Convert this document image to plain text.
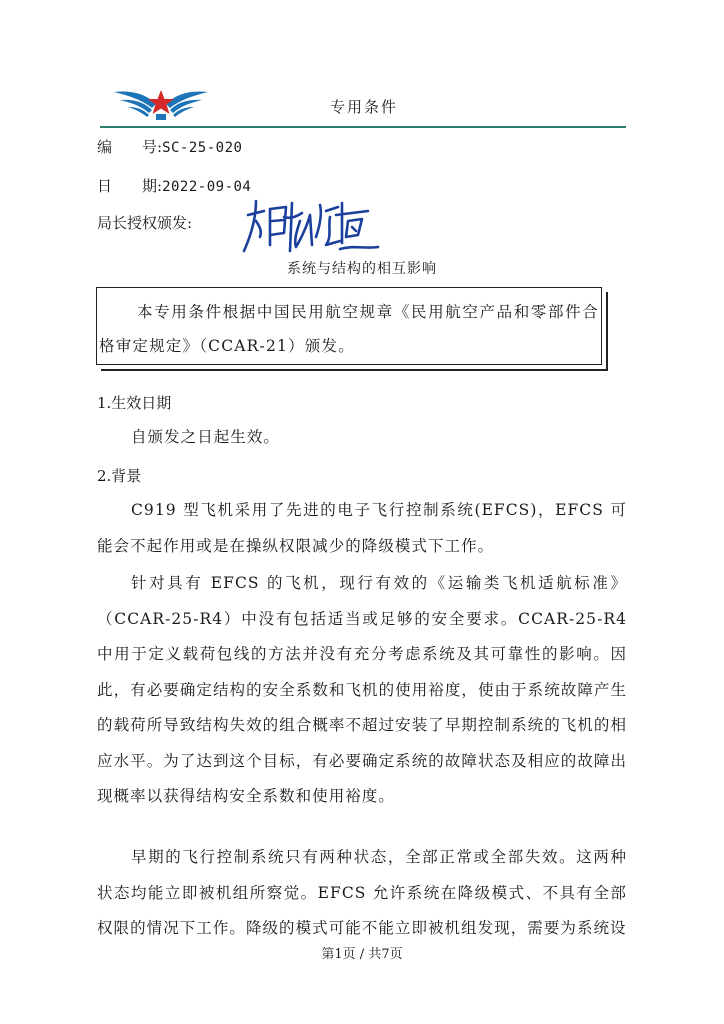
专用条件
编　　号:SC-25-020
日　　期:2022-09-04
局长授权颁发:
系统与结构的相互影响
本专用条件根据中国民用航空规章《民用航空产品和零部件合格审定规定》（CCAR-21）颁发。
1.生效日期
自颁发之日起生效。
2.背景
C919 型飞机采用了先进的电子飞行控制系统(EFCS)，EFCS 可能会不起作用或是在操纵权限减少的降级模式下工作。
针对具有 EFCS 的飞机，现行有效的《运输类飞机适航标准》（CCAR-25-R4）中没有包括适当或足够的安全要求。CCAR-25-R4 中用于定义载荷包线的方法并没有充分考虑系统及其可靠性的影响。因此，有必要确定结构的安全系数和飞机的使用裕度，使由于系统故障产生的载荷所导致结构失效的组合概率不超过安装了早期控制系统的飞机的相应水平。为了达到这个目标，有必要确定系统的故障状态及相应的故障出现概率以获得结构安全系数和使用裕度。
早期的飞行控制系统只有两种状态，全部正常或全部失效。这两种状态均能立即被机组所察觉。EFCS 允许系统在降级模式、不具有全部权限的情况下工作。降级的模式可能不能立即被机组发现，需要为系统设
第1页 / 共7页
